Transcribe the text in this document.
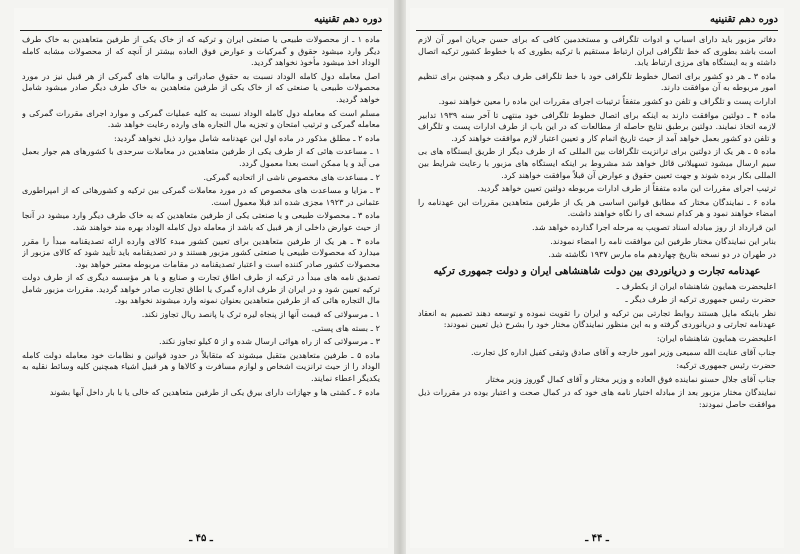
دوره دهم تقنینیه

ماده ۱ ـ از محصولات طبیعی یا صنعتی ایران و ترکیه که از خاک یکی از طرفین متعاهدین به خاک طرف دیگر وارد میشود حقوق و گمرکیات و عوارض فوق العاده بیشتر از آنچه که از محصولات مشابه کامله الوداد اخذ میشود مأخوذ نخواهد گردید.

اصل معامله دول کامله الوداد نسبت به حقوق صادراتی و مالیات های گمرکی از هر قبیل نیز در مورد محصولات طبیعی یا صنعتی که از خاک یکی از طرفین متعاهدین به خاک طرف دیگر صادر میشود شامل خواهد گردید.

مسلم است که معامله دول کامله الوداد نسبت به کلیه عملیات گمرکی و موارد اجرای مقررات گمرکی و معامله گمرکی و ترتیب امتحان و تجزیه مال التجاره های وارده رعایت خواهد شد.

ماده ۲ ـ مطلق مذکور در ماده اول این عهدنامه شامل موارد ذیل نخواهد گردید:

۱ ـ مساعدت هائی که از طرف یکی از طرفین متعاهدین در معاملات سرحدی با کشورهای هم جوار بعمل می آید و یا ممکن است بعدا معمول گردد.

۲ ـ مساعدت های مخصوص ناشی از اتحادیه گمرکی.

۳ ـ مزایا و مساعدت های مخصوص که در مورد معاملات گمرکی بین ترکیه و کشورهائی که از امپراطوری عثمانی در ۱۹۲۳ مجزی شده اند قبلا معمول است.

ماده ۳ ـ محصولات طبیعی و یا صنعتی یکی از طرفین متعاهدین که به خاک طرف دیگر وارد میشود در آنجا از حیث عوارض داخلی از هر قبیل که باشد از معامله دول کامله الوداد بهره مند خواهند شد.

ماده ۴ ـ هر یک از طرفین متعاهدین برای تعیین کشور مبدء کالای وارده ارائه تصدیقنامه مبدأ را مقرر میدارد که محصولات طبیعی یا صنعتی کشور مزبور هستند و در تصدیقنامه باید تأیید شود که کالای مزبور از محصولات کشور صادر کننده است و اعتبار تصدیقنامه در مقامات مربوطه معتبر خواهد بود.

تصدیق نامه های مبدأ در ترکیه از طرف اطاق تجارت و صنایع و یا هر مؤسسه دیگری که از طرف دولت ترکیه تعیین شود و در ایران از طرف اداره گمرک یا اطاق تجارت صادر خواهد گردید. مقررات مزبور شامل مال التجاره هائی که از طرفین متعاهدین بعنوان نمونه وارد میشوند نخواهد بود.

۱ ـ مرسولاتی که قیمت آنها از پنجاه لیره ترک یا پانصد ریال تجاوز نکند.

۲ ـ بسته های پستی.

۳ ـ مرسولاتی که از راه هوائی ارسال شده و از ۵ کیلو تجاوز نکند.

ماده ۵ ـ طرفین متعاهدین متقبل میشوند که متقابلاً در حدود قوانین و نظامات خود معامله دولت کامله الوداد را از حیث ترانزیت اشخاص و لوازم مسافرت و کالاها و هر قبیل اشیاء همچنین کلیه وسائط نقلیه به یکدیگر اعطاء نمایند.

ماده ۶ ـ کشتی ها و جهازات دارای بیرق یکی از طرفین متعاهدین که خالی یا با بار داخل آبها بشوند

ـ ۴۵ ـ
دوره دهم تقنینیه

دفاتر مزبور باید دارای اسباب و ادوات تلگرافی و مستخدمین کافی که برای حسن جریان امور آن لازم است باشد بطوری که خط تلگرافی ایران ارتباط مستقیم با ترکیه بطوری که با خطوط کشور ترکیه اتصال داشته و به ایستگاه های مرزی ارتباط یابد.

ماده ۳ ـ هر دو کشور برای اتصال خطوط تلگرافی خود با خط تلگرافی طرف دیگر و همچنین برای تنظیم امور مربوطه به آن موافقت دارند.

ادارات پست و تلگراف و تلفن دو کشور متفقاً ترتیبات اجرای مقررات این ماده را معین خواهند نمود.

ماده ۴ ـ دولتین موافقت دارند به اینکه برای اتصال خطوط تلگرافی خود منتهی تا آخر سنه ۱۹۳۹ تدابیر لازمه اتخاذ نمایند. دولتین برطبق نتایج حاصله از مطالعات که در این باب از طرف ادارات پست و تلگراف و تلفن دو کشور بعمل خواهد آمد از حیث تاریخ اتمام کار و تعیین اعتبار لازم موافقت خواهند کرد.

ماده ۵ ـ هر یک از دولتین برای ترانزیت تلگرافات بین المللی که از طرف دیگر از طریق ایستگاه های بی سیم ارسال میشود تسهیلاتی قائل خواهد شد مشروط بر اینکه ایستگاه های مزبور با رعایت شرایط بین المللی بکار برده شوند و جهت تعیین حقوق و عوارض آن قبلاً موافقت خواهند کرد.

ترتیب اجرای مقررات این ماده متفقاً از طرف ادارات مربوطه دولتین تعیین خواهد گردید.

ماده ۶ ـ نمایندگان مختار که مطابق قوانین اساسی هر یک از طرفین متعاهدین مقررات این عهدنامه را امضاء خواهند نمود و هر کدام نسخه ای را نگاه خواهند داشت.

این قرارداد از روز مبادله اسناد تصویب به مرحله اجرا گذارده خواهد شد.

بنابر این نمایندگان مختار طرفین این موافقت نامه را امضاء نمودند.

در طهران در دو نسخه بتاریخ چهاردهم ماه مارس ۱۹۳۷ نگاشته شد.

عهدنامه تجارت و دریانوردی بین دولت شاهنشاهی ایران و دولت جمهوری ترکیه

اعلیحضرت همایون شاهنشاه ایران از یکطرف ـ

حضرت رئیس جمهوری ترکیه از طرف دیگر ـ

نظر باینکه مایل هستند روابط تجارتی بین ترکیه و ایران را تقویت نموده و توسعه دهند تصمیم به انعقاد عهدنامه تجارتی و دریانوردی گرفته و به این منظور نمایندگان مختار خود را بشرح ذیل تعیین نمودند:

اعلیحضرت همایون شاهنشاه ایران:

جناب آقای عنایت الله سمیعی وزیر امور خارجه و آقای صادق وثیقی کفیل اداره کل تجارت.

حضرت رئیس جمهوری ترکیه:

جناب آقای جلال حسنو نماینده فوق العاده و وزیر مختار و آقای کمال گوروز وزیر مختار

نمایندگان مختار مزبور بعد از مبادله اختیار نامه های خود که در کمال صحت و اعتبار بوده در مقررات ذیل موافقت حاصل نمودند:

ـ ۴۴ ـ
